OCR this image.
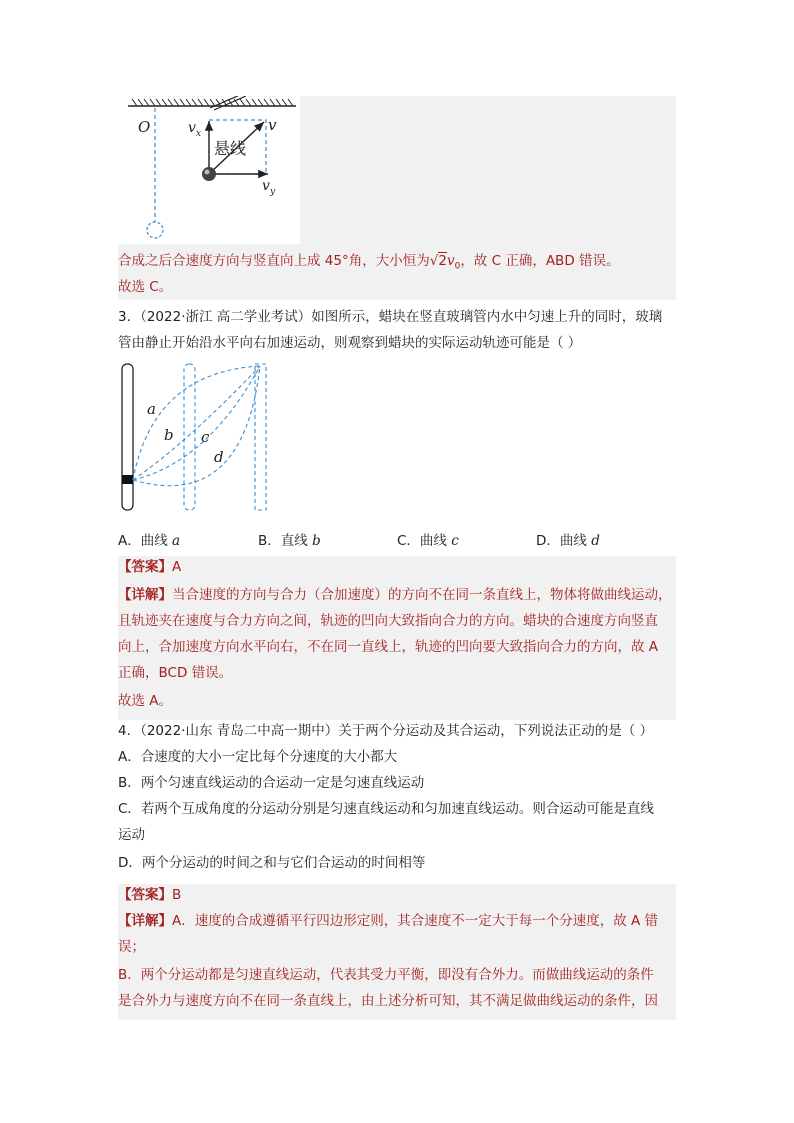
O	v x	v
悬线
v y
合成之后合速度方向与竖直向上成 45°角，大小恒为$√2v_0$，故 C 正确，ABD 错误。
故选 C。
3．（2022·浙江 高二学业考试）如图所示，蜡块在竖直玻璃管内水中匀速上升的同时，玻璃
管由静止开始沿水平向右加速运动，则观察到蜡块的实际运动轨迹可能是（ ）
a
b c
d
A．曲线 a	B．直线 b	C．曲线 c	D．曲线 d
【答案】A
【详解】当合速度的方向与合力（合加速度）的方向不在同一条直线上，物体将做曲线运动，
且轨迹夹在速度与合力方向之间，轨迹的凹向大致指向合力的方向。蜡块的合速度方向竖直
向上，合加速度方向水平向右，不在同一直线上，轨迹的凹向要大致指向合力的方向，故 A
正确，BCD 错误。
故选 A。
4．（2022·山东 青岛二中高一期中）关于两个分运动及其合运动，下列说法正动的是（ ）
A．合速度的大小一定比每个分速度的大小都大
B．两个匀速直线运动的合运动一定是匀速直线运动
C．若两个互成角度的分运动分别是匀速直线运动和匀加速直线运动。则合运动可能是直线
运动
D．两个分运动的时间之和与它们合运动的时间相等
【答案】B
【详解】A．速度的合成遵循平行四边形定则，其合速度不一定大于每一个分速度，故 A 错
误；
B．两个分运动都是匀速直线运动，代表其受力平衡，即没有合外力。而做曲线运动的条件
是合外力与速度方向不在同一条直线上，由上述分析可知，其不满足做曲线运动的条件，因
